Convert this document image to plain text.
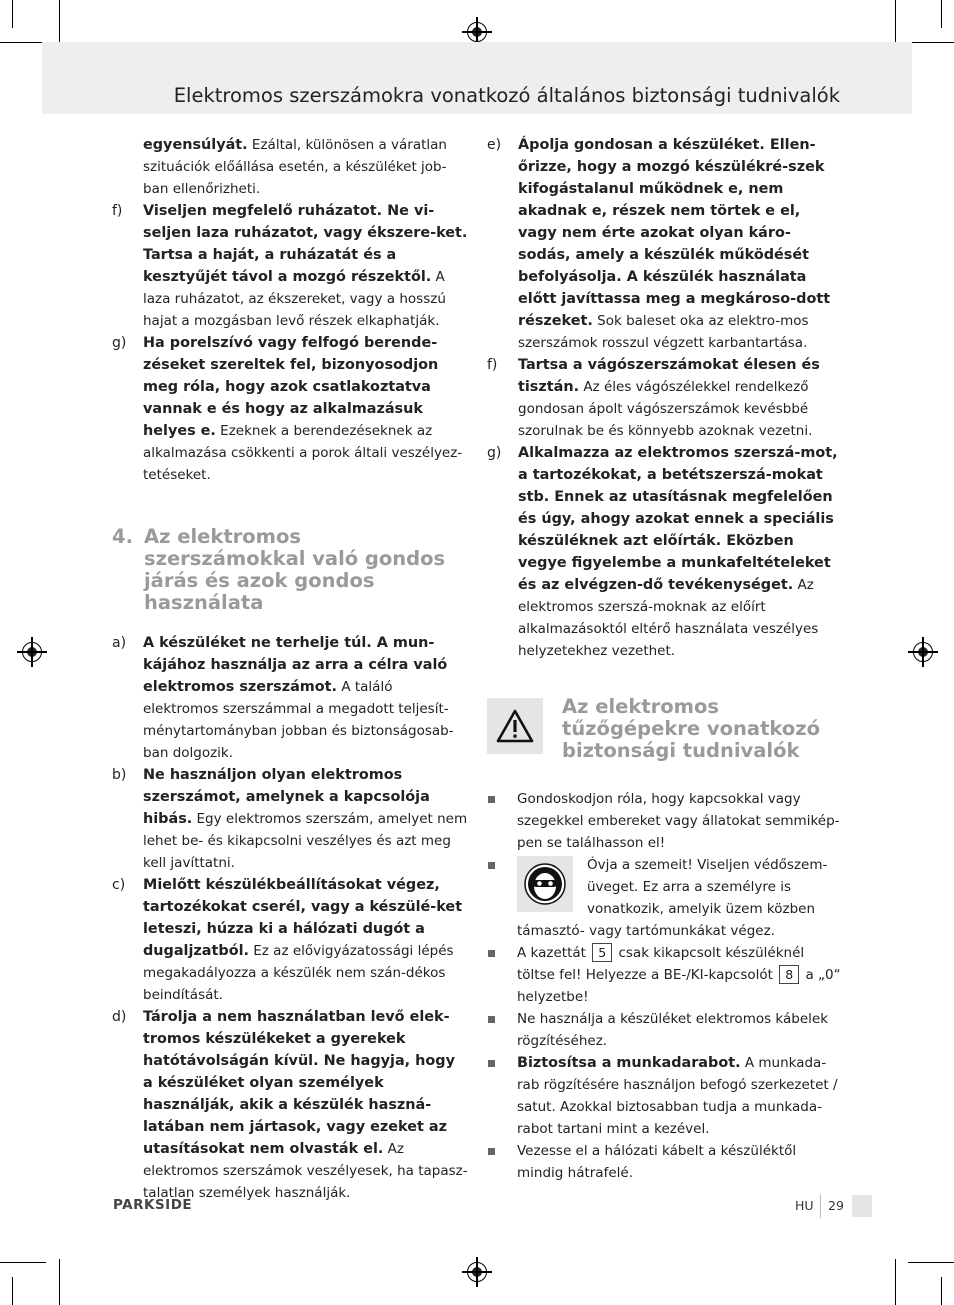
Elektromos szerszámokra vonatkozó általános biztonsági tudnivalók
egyensúlyát. Ezáltal, különösen a váratlan szituációk előállása esetén, a készüléket job-ban ellenőrizheti.
f) Viseljen megfelelő ruházatot. Ne vi-seljen laza ruházatot, vagy ékszere-ket. Tartsa a haját, a ruházatát és a kesztyűjét távol a mozgó részektől. A laza ruházatot, az ékszereket, vagy a hosszú hajat a mozgásban levő részek elkaphatják.
g) Ha porelszívó vagy felfogó berende-zéseket szereltek fel, bizonyosodjon meg róla, hogy azok csatlakoztatva vannak e és hogy az alkalmazásuk helyes e. Ezeknek a berendezéseknek az alkalmazása csökkenti a porok általi veszélyez-tetéseket.
4. Az elektromos szerszámokkal való gondos járás és azok gondos használata
a) A készüléket ne terhelje túl. A mun-kájához használja az arra a célra való elektromos szerszámot. A találó elektromos szerszámmal a megadott teljesít-ménytartományban jobban és biztonságosab-ban dolgozik.
b) Ne használjon olyan elektromos szerszámot, amelynek a kapcsolója hibás. Egy elektromos szerszám, amelyet nem lehet be- és kikapcsolni veszélyes és azt meg kell javíttatni.
c) Mielőtt készülékbeállításokat végez, tartozékokat cserél, vagy a készülé-ket leteszi, húzza ki a hálózati dugót a dugaljzatból. Ez az elővigyázatossági lépés megakadályozza a készülék nem szán-dékos beindítását.
d) Tárolja a nem használatban levő elek-tromos készülékeket a gyerekek hatótávolságán kívül. Ne hagyja, hogy a készüléket olyan személyek használják, akik a készülék haszná-latában nem jártasok, vagy ezeket az utasításokat nem olvasták el. Az elektromos szerszámok veszélyesek, ha tapasz-talatlan személyek használják.
e) Ápolja gondosan a készüléket. Ellen-őrizze, hogy a mozgó készülékré-szek kifogástalanul működnek e, nem akadnak e, részek nem törtek e el, vagy nem érte azokat olyan káro-sodás, amely a készülék működését befolyásolja. A készülék használata előtt javíttassa meg a megkároso-dott részeket. Sok baleset oka az elektro-mos szerszámok rosszul végzett karbantartása.
f) Tartsa a vágószerszámokat élesen és tisztán. Az éles vágószélekkel rendelkező gondosan ápolt vágószerszámok kevésbbé szorulnak be és könnyebb azoknak vezetni.
g) Alkalmazza az elektromos szerszá-mot, a tartozékokat, a betétszerszá-mokat stb. Ennek az utasításnak megfelelően és úgy, ahogy azokat ennek a speciális készüléknek azt előírták. Eközben vegye figyelembe a munkafeltételeket és az elvégzen-dő tevékenységet. Az elektromos szerszá-moknak az előírt alkalmazásoktól eltérő használata veszélyes helyzetekhez vezethet.
Az elektromos tűzőgépekre vonatkozó biztonsági tudnivalók
Gondoskodjon róla, hogy kapcsokkal vagy szegekkel embereket vagy állatokat semmikép-pen se találhasson el!
Óvja a szemeit! Viseljen védőszem-üveget. Ez arra a személyre is vonatkozik, amelyik üzem közben támasztó- vagy tartómunkákat végez.
A kazettát 5 csak kikapcsolt készüléknél töltse fel! Helyezze a BE-/KI-kapcsolót 8 a „0“ helyzetbe!
Ne használja a készüléket elektromos kábelek rögzítéséhez.
Biztosítsa a munkadarabot. A munkada-rab rögzítésére használjon befogó szerkezetet / satut. Azokkal biztosabban tudja a munkada-rabot tartani mint a kezével.
Vezesse el a hálózati kábelt a készüléktől mindig hátrafelé.
PARKSIDE	HU 29
